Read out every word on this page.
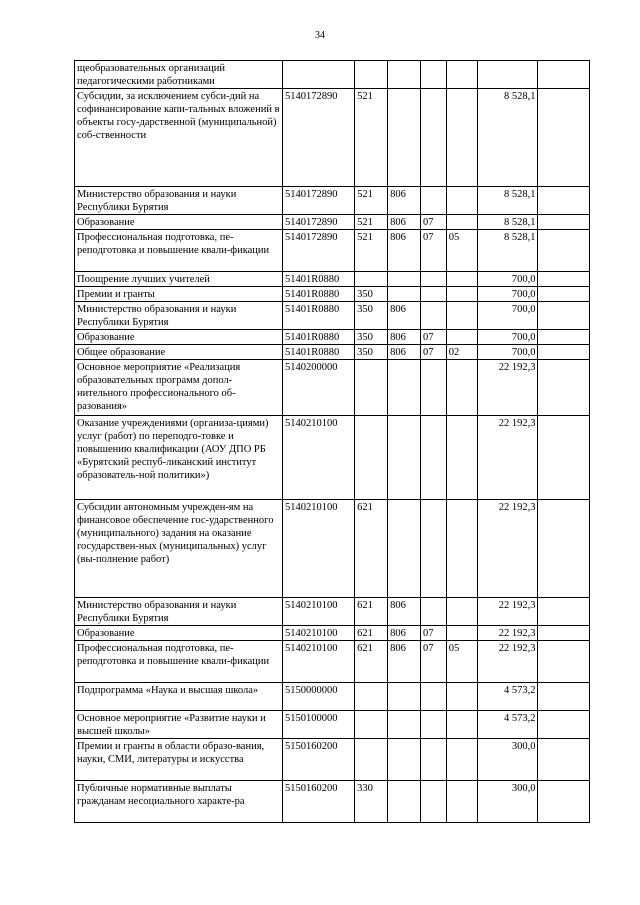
34
щеобразовательных организаций педагогическими работниками							
Субсидии, за исключением субси-дий на софинансирование капи-тальных вложений в объекты госу-дарственной (муниципальной) соб-ственности	5140172890	521				8 528,1	
Министерство образования и науки Республики Бурятия	5140172890	521	806			8 528,1	
Образование	5140172890	521	806	07		8 528,1	
Профессиональная подготовка, пе-реподготовка и повышение квали-фикации	5140172890	521	806	07	05	8 528,1	
Поощрение лучших учителей	51401R0880					700,0	
Премии и гранты	51401R0880	350				700,0	
Министерство образования и науки Республики Бурятия	51401R0880	350	806			700,0	
Образование	51401R0880	350	806	07		700,0	
Общее образование	51401R0880	350	806	07	02	700,0	
Основное мероприятие «Реализация образовательных программ допол-нительного профессионального об-разования»	5140200000					22 192,3	
Оказание учреждениями (организа-циями) услуг (работ) по переподго-товке и повышению квалификации (АОУ ДПО РБ «Бурятский респуб-ликанский институт образователь-ной политики»)	5140210100					22 192,3	
Субсидии автономным учрежден-ям на финансовое обеспечение гос-ударственного (муниципального) задания на оказание государствен-ных (муниципальных) услуг (вы-полнение работ)	5140210100	621				22 192,3	
Министерство образования и науки Республики Бурятия	5140210100	621	806			22 192,3	
Образование	5140210100	621	806	07		22 192,3	
Профессиональная подготовка, пе-реподготовка и повышение квали-фикации	5140210100	621	806	07	05	22 192,3	
Подпрограмма «Наука и высшая школа»	5150000000					4 573,2	
Основное мероприятие «Развитие науки и высшей школы»	5150100000					4 573,2	
Премии и гранты в области образо-вания, науки, СМИ, литературы и искусства	5150160200					300,0	
Публичные нормативные выплаты гражданам несоциального характе-ра	5150160200	330				300,0	
